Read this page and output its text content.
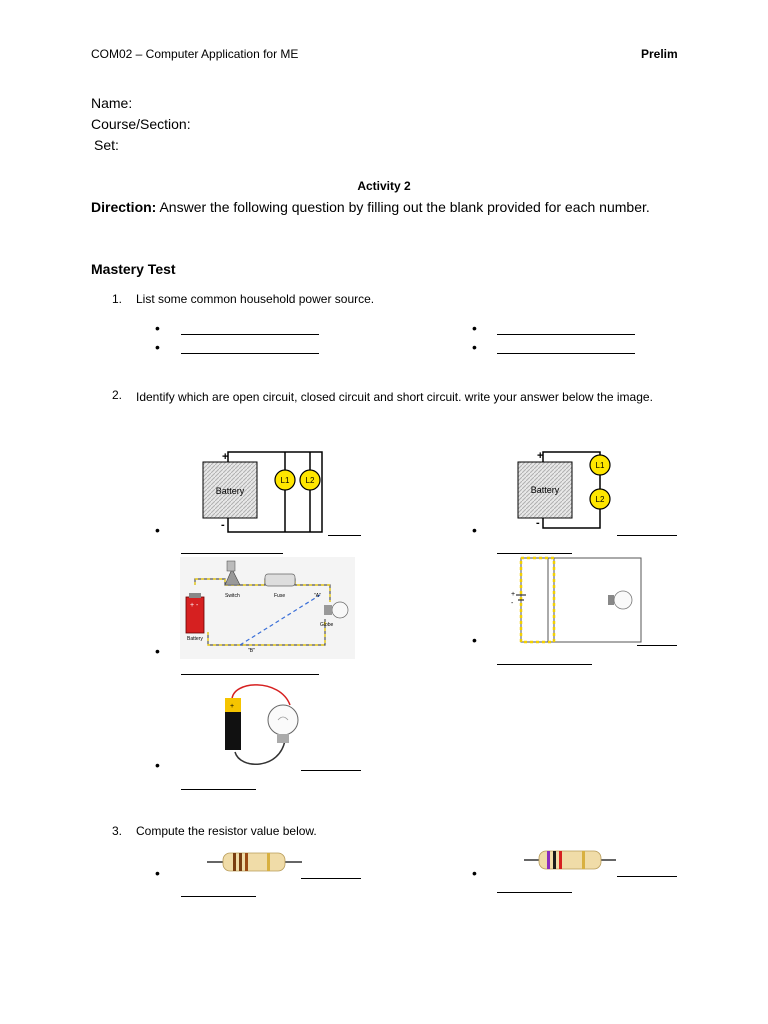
COM02 – Computer Application for ME	Prelim
Name:
Course/Section:
Set:
Activity 2
Direction: Answer the following question by filling out the blank provided for each number.
Mastery Test
1. List some common household power source.
•
•
•
•
2. Identify which are open circuit, closed circuit and short circuit. write your answer below the image.
Battery
+
-
L1 L2
•
Battery
+
-
L1
L2
•
+ -
Battery
Switch	Fuse
Globe
"A"
"B"
•
+
-
•
+
•
3. Compute the resistor value below.
•	•
